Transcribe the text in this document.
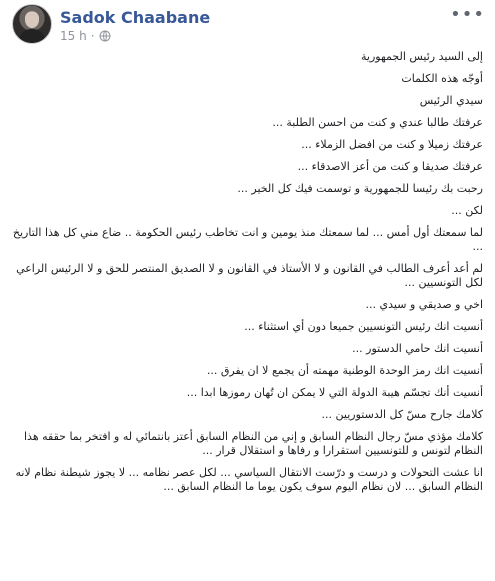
Sadok Chaabane
15 h ·
•••

إلى السيد رئيس الجمهورية

أوجّه هذه الكلمات

سيدي الرئيس

عرفتك طالبا عندي و كنت من احسن الطلبة ...

عرفتك زميلا و كنت من افضل الزملاء ...

عرفتك صديقا و كنت من أعز الاصدقاء ...

رحبت بك رئيسا للجمهورية و توسمت فيك كل الخير ...

لكن ...

لما سمعتك أول أمس ... لما سمعتك منذ يومين و انت تخاطب رئيس الحكومة .. ضاع مني كل هذا التاريخ ...

لم أعد أعرف الطالب في القانون و لا الأستاذ في القانون و لا الصديق المنتصر للحق و لا الرئيس الراعي لكل التونسيين ...

اخي و صديقي و سيدي ...

أنسيت انك رئيس التونسيين جميعا دون أي استثناء ...

أنسيت انك حامي الدستور ...

أنسيت انك رمز الوحدة الوطنية مهمته أن يجمع لا ان يفرق ...

أنسيت أنك تجسّم هيبة الدولة التي لا يمكن ان تُهان رموزها ابدا ...

كلامك جارح مسّ كل الدستوريين ...

كلامك مؤذي مسّ رجال النظام السابق و إني من النظام السابق أعتز بانتمائي له و افتخر بما حققه هذا النظام لتونس و للتونسيين استقرارا و رفاها و استقلال قرار ...

انا عشت التحولات و درست و درّست الانتقال السياسي ... لكل عصر نظامه ... لا يجوز شيطنة نظام لانه النظام السابق ... لان نظام اليوم سوف يكون يوما ما النظام السابق ...
